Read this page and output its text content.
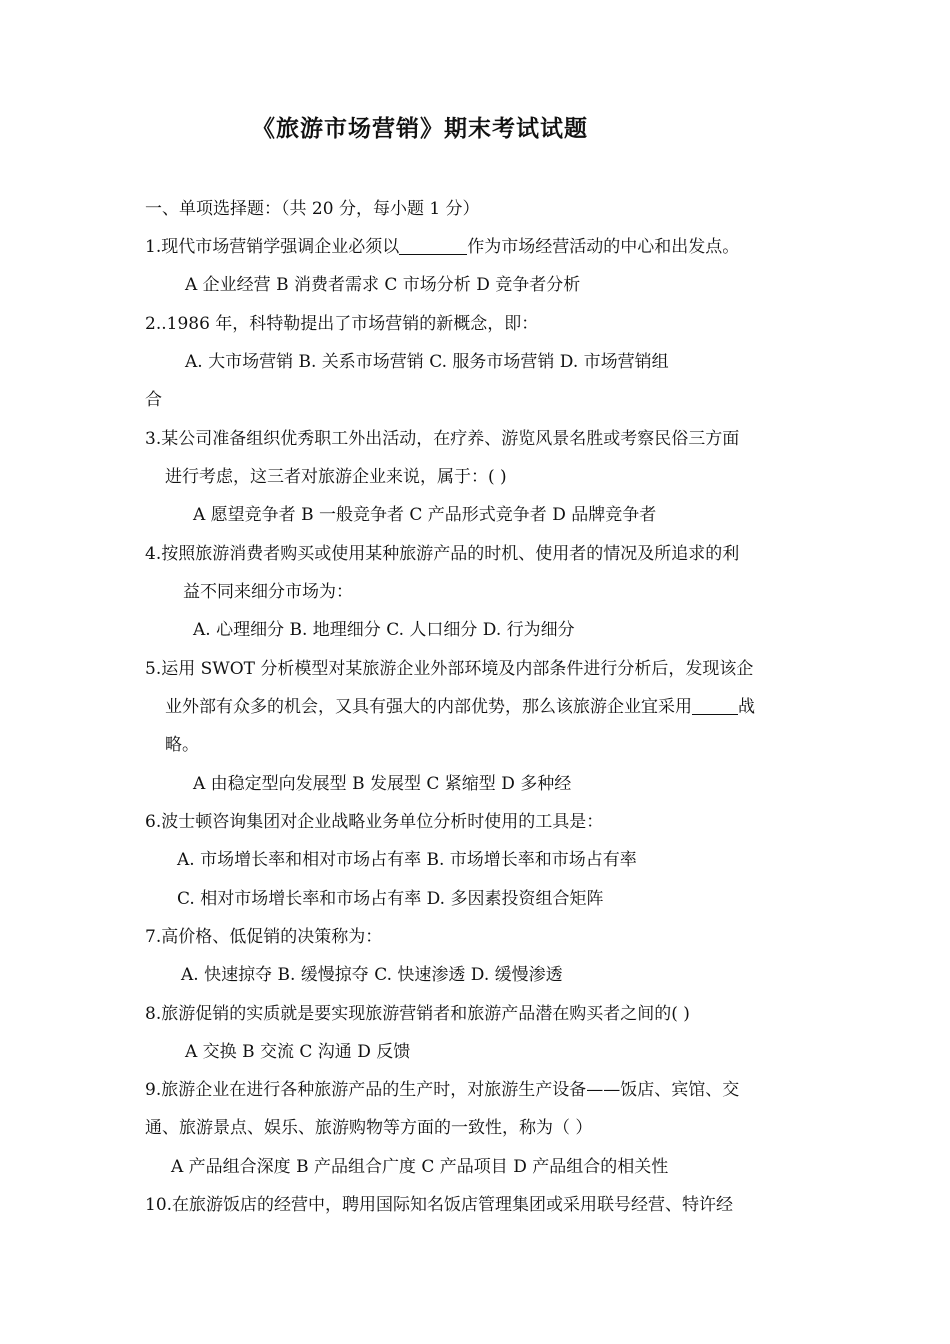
《旅游市场营销》期末考试试题
一、单项选择题：（共 20 分，每小题 1 分）
1.现代市场营销学强调企业必须以	作为市场经营活动的中心和出发点。
A 企业经营 B 消费者需求 C 市场分析 D 竞争者分析
2..1986 年，科特勒提出了市场营销的新概念，即：
A. 大市场营销 B. 关系市场营销 C. 服务市场营销 D. 市场营销组
合
3.某公司准备组织优秀职工外出活动，在疗养、游览风景名胜或考察民俗三方面
进行考虑，这三者对旅游企业来说，属于：( )
A 愿望竞争者 B 一般竞争者 C 产品形式竞争者 D 品牌竞争者
4.按照旅游消费者购买或使用某种旅游产品的时机、使用者的情况及所追求的利
益不同来细分市场为：
A. 心理细分 B. 地理细分 C. 人口细分 D. 行为细分
5.运用 SWOT 分析模型对某旅游企业外部环境及内部条件进行分析后，发现该企
业外部有众多的机会，又具有强大的内部优势，那么该旅游企业宜采用	战
略。
A 由稳定型向发展型 B 发展型 C 紧缩型 D 多种经
6.波士顿咨询集团对企业战略业务单位分析时使用的工具是：
A. 市场增长率和相对市场占有率 B. 市场增长率和市场占有率
C. 相对市场增长率和市场占有率 D. 多因素投资组合矩阵
7.高价格、低促销的决策称为：
A. 快速掠夺 B. 缓慢掠夺 C. 快速渗透 D. 缓慢渗透
8.旅游促销的实质就是要实现旅游营销者和旅游产品潜在购买者之间的( )
A 交换 B 交流 C 沟通 D 反馈
9.旅游企业在进行各种旅游产品的生产时，对旅游生产设备——饭店、宾馆、交
通、旅游景点、娱乐、旅游购物等方面的一致性，称为（ ）
A 产品组合深度 B 产品组合广度 C 产品项目 D 产品组合的相关性
10.在旅游饭店的经营中，聘用国际知名饭店管理集团或采用联号经营、特许经
